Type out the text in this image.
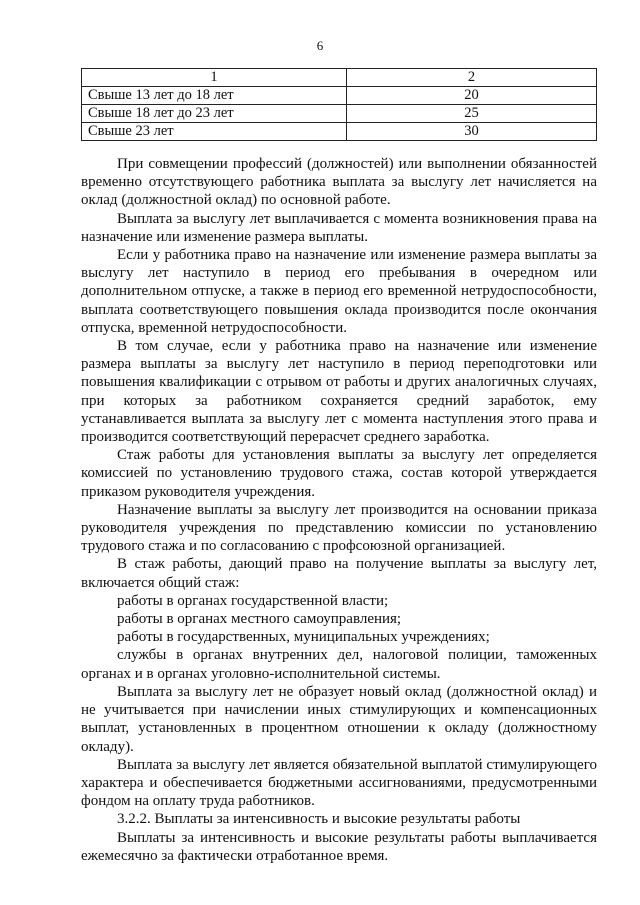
6
1	2
Свыше 13 лет до 18 лет	20
Свыше 18 лет до 23 лет	25
Свыше 23 лет	30

При совмещении профессий (должностей) или выполнении обязанностей временно отсутствующего работника выплата за выслугу лет начисляется на оклад (должностной оклад) по основной работе.

Выплата за выслугу лет выплачивается с момента возникновения права на назначение или изменение размера выплаты.

Если у работника право на назначение или изменение размера выплаты за выслугу лет наступило в период его пребывания в очередном или дополнительном отпуске, а также в период его временной нетрудоспособности, выплата соответствующего повышения оклада производится после окончания отпуска, временной нетрудоспособности.

В том случае, если у работника право на назначение или изменение размера выплаты за выслугу лет наступило в период переподготовки или повышения квалификации с отрывом от работы и других аналогичных случаях, при которых за работником сохраняется средний заработок, ему устанавливается выплата за выслугу лет с момента наступления этого права и производится соответствующий перерасчет среднего заработка.

Стаж работы для установления выплаты за выслугу лет определяется комиссией по установлению трудового стажа, состав которой утверждается приказом руководителя учреждения.

Назначение выплаты за выслугу лет производится на основании приказа руководителя учреждения по представлению комиссии по установлению трудового стажа и по согласованию с профсоюзной организацией.

В стаж работы, дающий право на получение выплаты за выслугу лет, включается общий стаж:

работы в органах государственной власти;

работы в органах местного самоуправления;

работы в государственных, муниципальных учреждениях;

службы в органах внутренних дел, налоговой полиции, таможенных органах и в органах уголовно-исполнительной системы.

Выплата за выслугу лет не образует новый оклад (должностной оклад) и не учитывается при начислении иных стимулирующих и компенсационных выплат, установленных в процентном отношении к окладу (должностному окладу).

Выплата за выслугу лет является обязательной выплатой стимулирующего характера и обеспечивается бюджетными ассигнованиями, предусмотренными фондом на оплату труда работников.

3.2.2. Выплаты за интенсивность и высокие результаты работы

Выплаты за интенсивность и высокие результаты работы выплачивается ежемесячно за фактически отработанное время.
